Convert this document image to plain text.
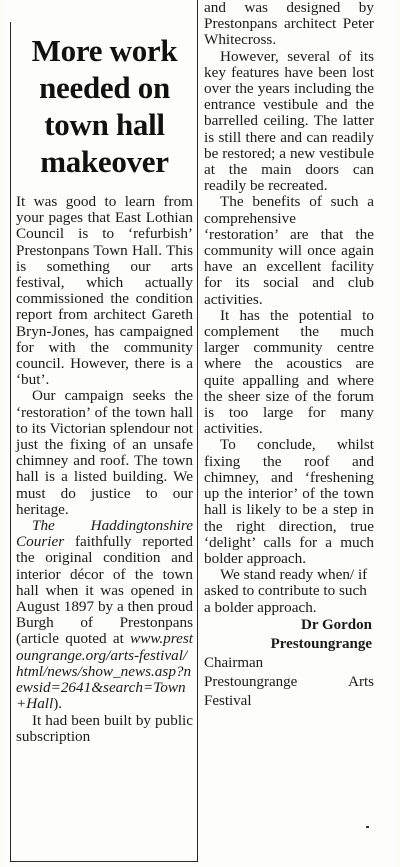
More work needed on town hall makeover

It was good to learn from your pages that East Lothian Council is to ‘refurbish’ Prestonpans Town Hall. This is something our arts festival, which actually commissioned the condition report from architect Gareth Bryn-Jones, has campaigned for with the community council. However, there is a ‘but’.

Our campaign seeks the ‘restoration’ of the town hall to its Victorian splendour not just the fixing of an unsafe chimney and roof. The town hall is a listed building. We must do justice to our heritage.

The Haddingtonshire Courier faithfully reported the original condition and interior décor of the town hall when it was opened in August 1897 by a then proud Burgh of Prestonpans (article quoted at www.prestoungrange.org/arts-festival/html/news/show_news.asp?newsid=2641&search=Town+Hall).

It had been built by public subscription

and was designed by Prestonpans architect Peter Whitecross.

However, several of its key features have been lost over the years including the entrance vestibule and the barrelled ceiling. The latter is still there and can readily be restored; a new vestibule at the main doors can readily be recreated.

The benefits of such a comprehensive ‘restoration’ are that the community will once again have an excellent facility for its social and club activities.

It has the potential to complement the much larger community centre where the acoustics are quite appalling and where the sheer size of the forum is too large for many activities.

To conclude, whilst fixing the roof and chimney, and ‘freshening up the interior’ of the town hall is likely to be a step in the right direction, true ‘delight’ calls for a much bolder approach.

We stand ready when/ if asked to contribute to such a bolder approach.

Dr Gordon
Prestoungrange
Chairman
Prestoungrange	Arts
Festival
